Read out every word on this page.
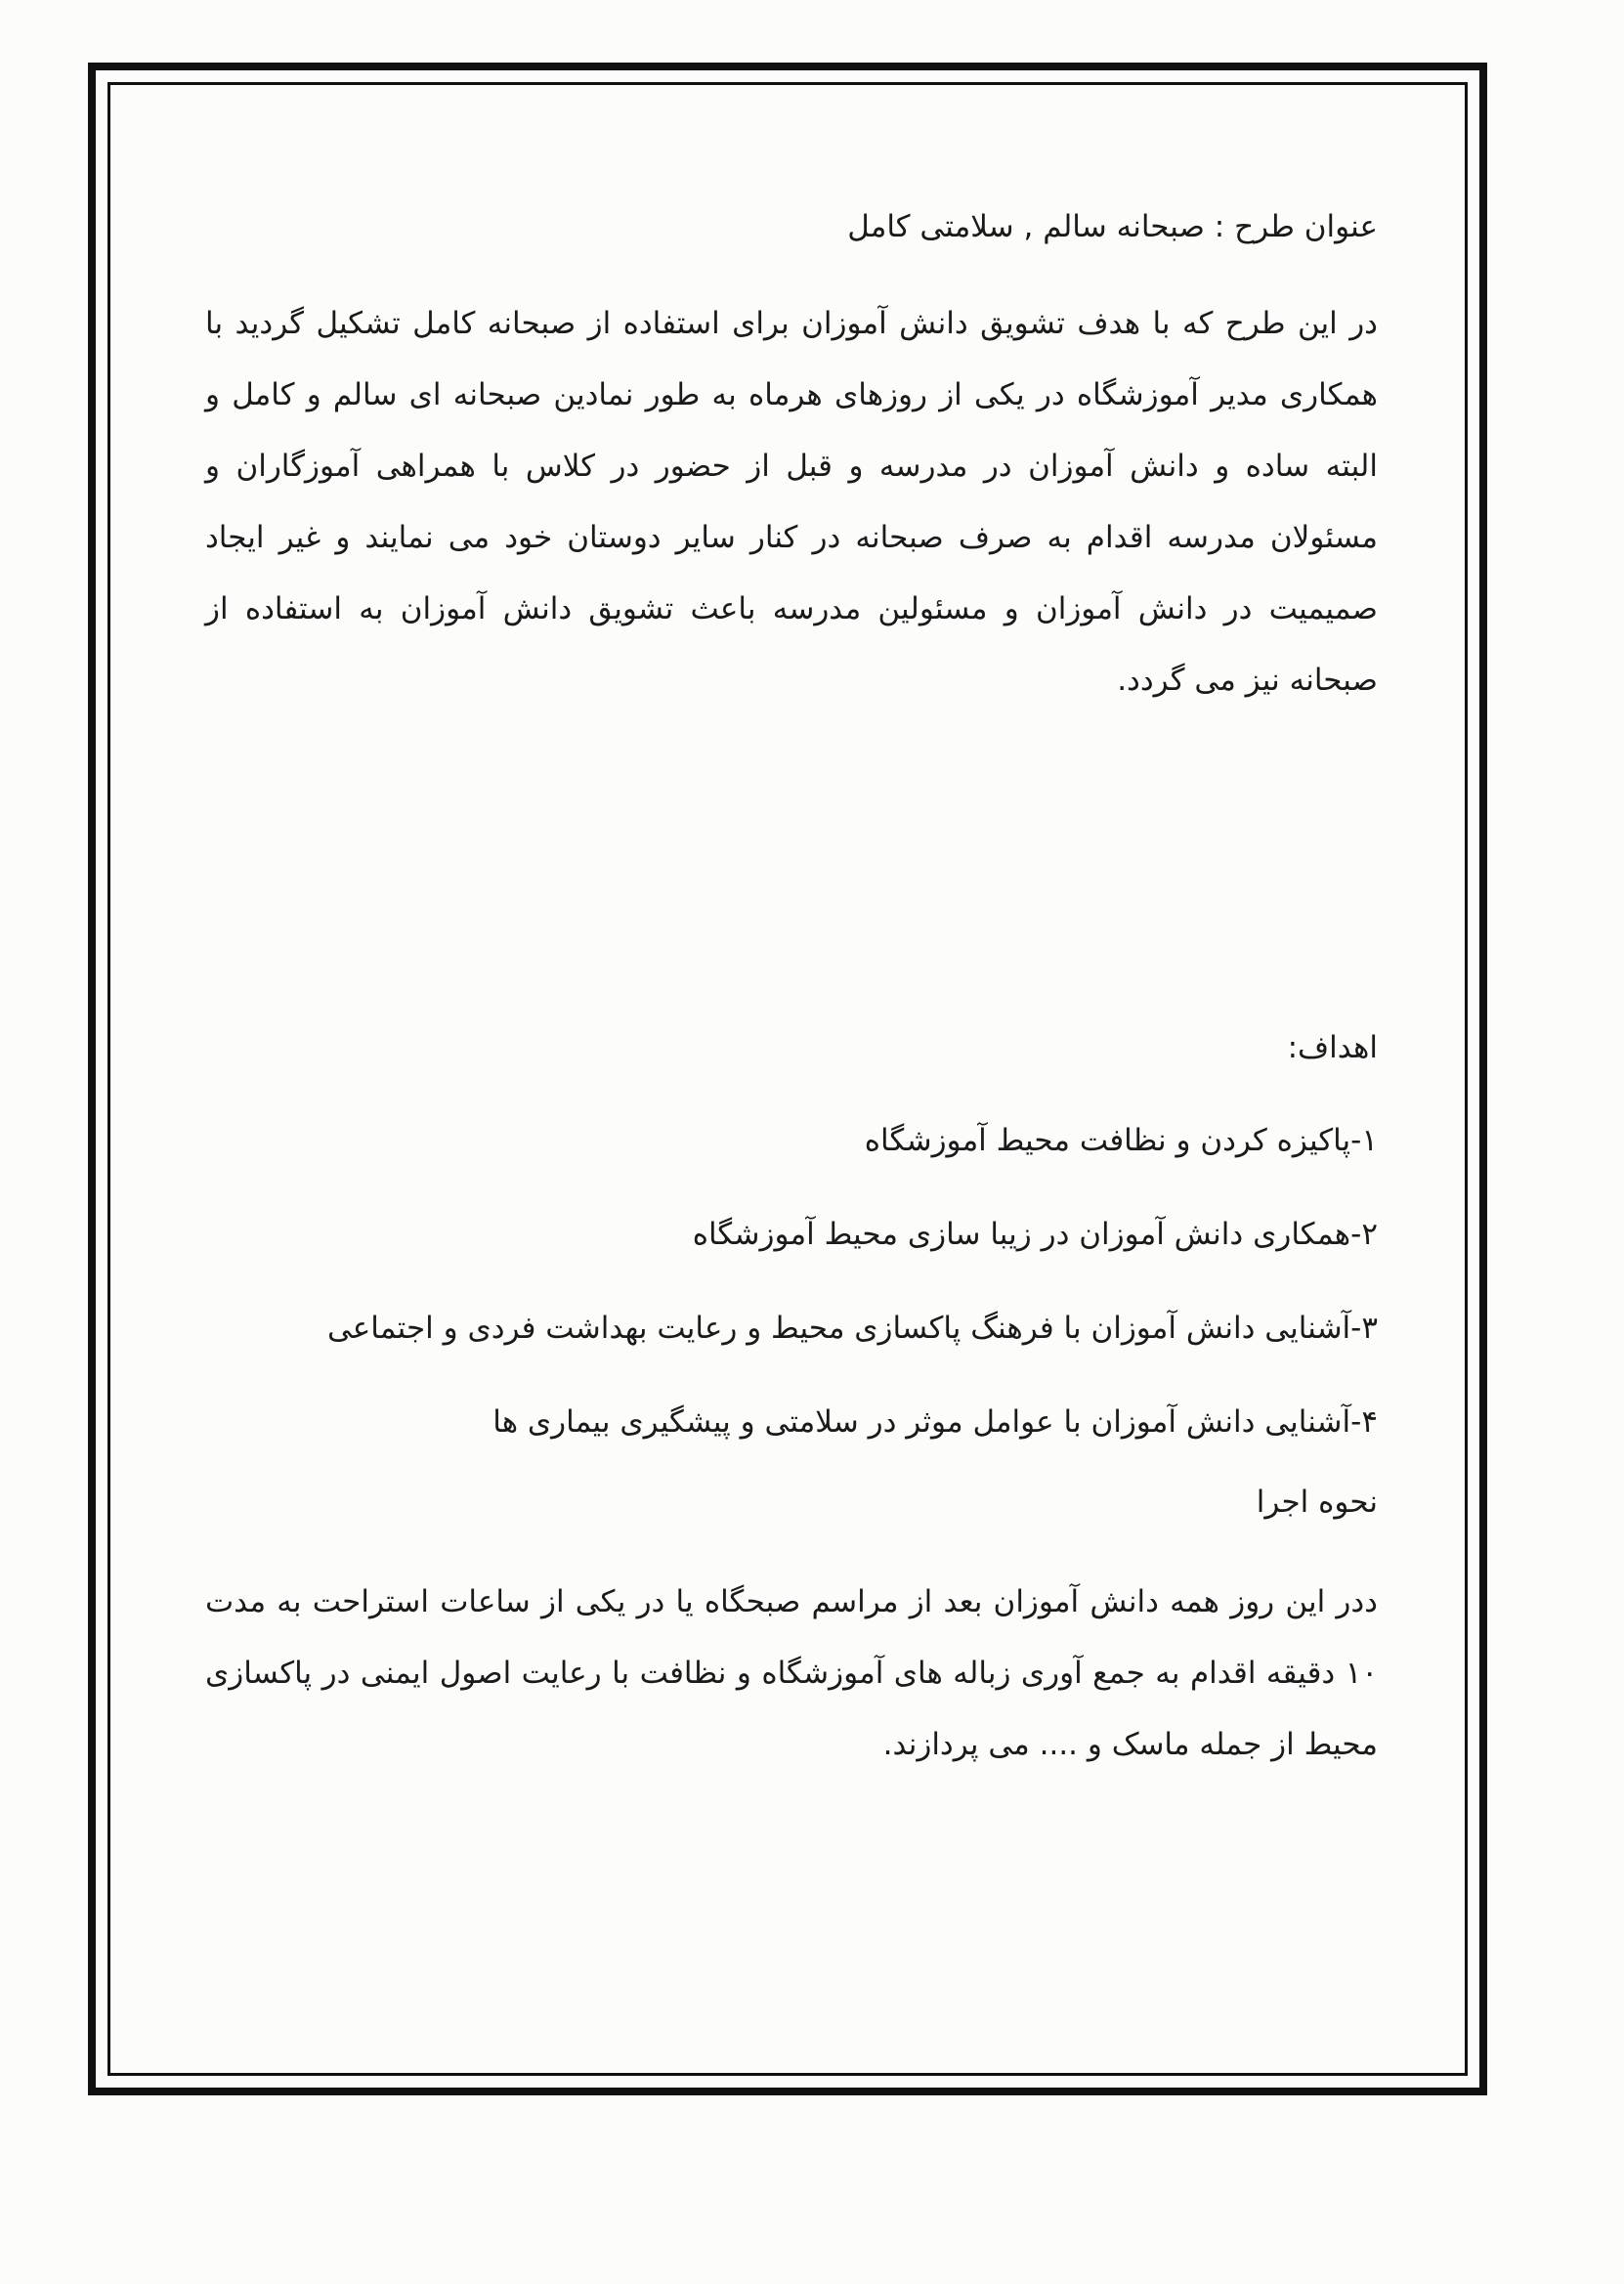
عنوان طرح : صبحانه سالم , سلامتی کامل

در این طرح که با هدف تشویق دانش آموزان برای استفاده از صبحانه کامل تشکیل گردید با همکاری مدیر آموزشگاه در یکی از روزهای هرماه به طور نمادین صبحانه ای سالم و کامل و البته ساده و دانش آموزان در مدرسه و قبل از حضور در کلاس با همراهی آموزگاران و مسئولان مدرسه اقدام به صرف صبحانه در کنار سایر دوستان خود می نمایند و غیر ایجاد صمیمیت در دانش آموزان و مسئولین مدرسه باعث تشویق دانش آموزان به استفاده از صبحانه نیز می گردد.

اهداف:
۱-پاکیزه کردن و نظافت محیط آموزشگاه
۲-همکاری دانش آموزان در زیبا سازی محیط آموزشگاه
۳-آشنایی دانش آموزان با فرهنگ پاکسازی محیط و رعایت بهداشت فردی و اجتماعی
۴-آشنایی دانش آموزان با عوامل موثر در سلامتی و پیشگیری بیماری ها
نحوه اجرا

ددر این روز همه دانش آموزان بعد از مراسم صبحگاه یا در یکی از ساعات استراحت به مدت ۱۰ دقیقه اقدام به جمع آوری زباله های آموزشگاه و نظافت با رعایت اصول ایمنی در پاکسازی محیط از جمله ماسک و .... می پردازند.
